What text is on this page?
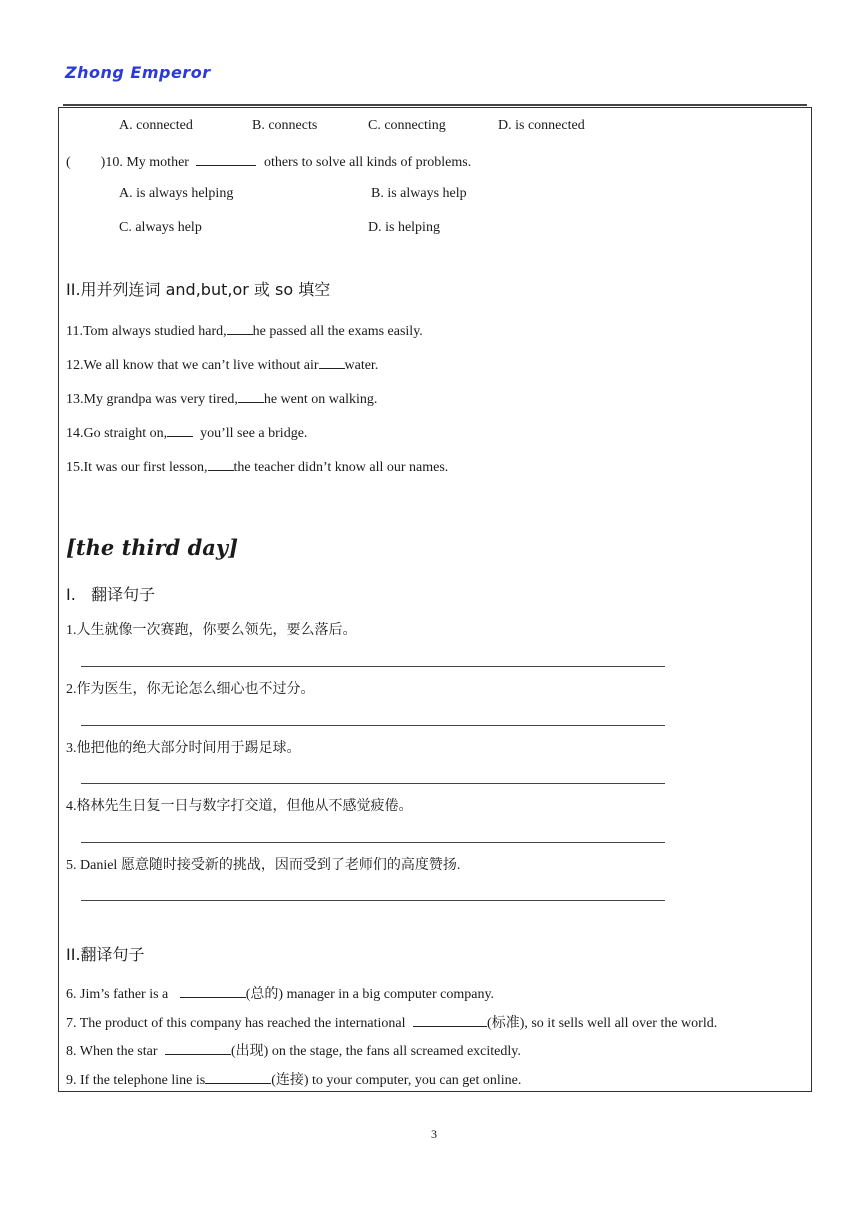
Zhong Emperor
A. connected	B. connects	C. connecting	D. is connected
( )10. My mother	others to solve all kinds of problems.
A. is always helping	B. is always help
C. always help	D. is helping
II.用并列连词 and,but,or 或 so 填空
11.Tom always studied hard, he passed all the exams easily.
12.We all know that we can’t live without air water.
13.My grandpa was very tired, he went on walking.
14.Go straight on,  you’ll see a bridge.
15.It was our first lesson, the teacher didn’t know all our names.
[the third day]
I.   翻译句子
1.人生就像一次赛跑，你要么领先，要么落后。
2.作为医生，你无论怎么细心也不过分。
3.他把他的绝大部分时间用于踢足球。
4.格林先生日复一日与数字打交道，但他从不感觉疲倦。
5. Daniel 愿意随时接受新的挑战，因而受到了老师们的高度赞扬.
II.翻译句子
6. Jim’s father is a	(总的) manager in a big computer company.
7. The product of this company has reached the international	(标准), so it sells well all over the world.
8. When the star	(出现) on the stage, the fans all screamed excitedly.
9. If the telephone line is	(连接) to your computer, you can get online.
3
